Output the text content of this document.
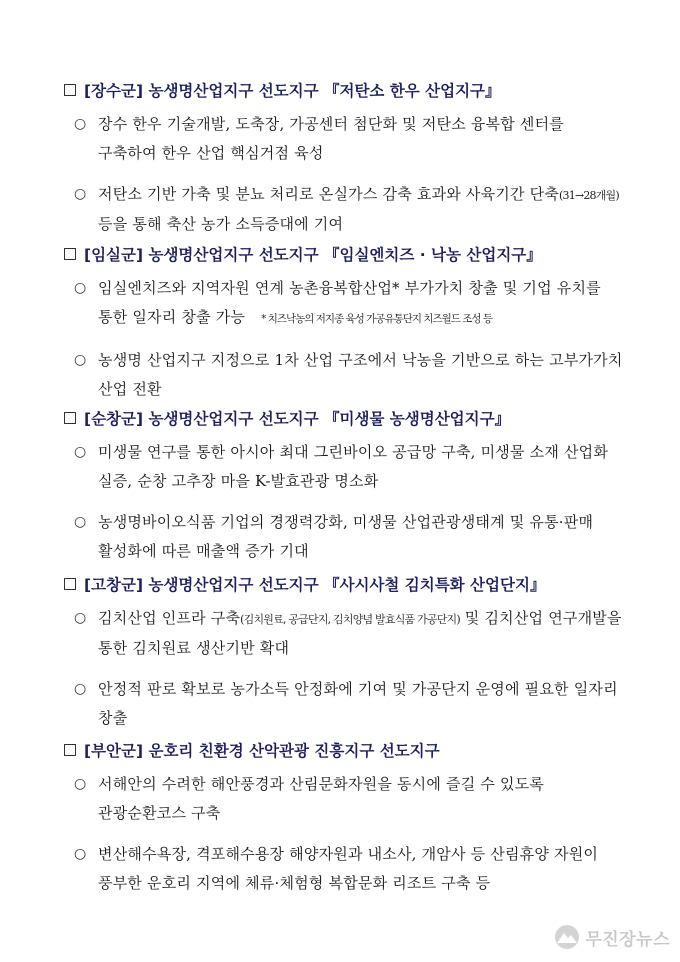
[장수군] 농생명산업지구 선도지구 『저탄소 한우 산업지구』
○ 장수 한우 기술개발, 도축장, 가공센터 첨단화 및 저탄소 융복합 센터를 구축하여 한우 산업 핵심거점 육성
○ 저탄소 기반 가축 및 분뇨 처리로 온실가스 감축 효과와 사육기간 단축(31→28개월) 등을 통해 축산 농가 소득증대에 기여
[임실군] 농생명산업지구 선도지구 『임실엔치즈 · 낙농 산업지구』
○ 임실엔치즈와 지역자원 연계 농촌융복합산업* 부가가치 창출 및 기업 유치를 통한 일자리 창출 가능 * 치즈낙농의 저지종 육성 가공유통단지 치즈월드 조성 등
○ 농생명 산업지구 지정으로 1차 산업 구조에서 낙농을 기반으로 하는 고부가가치 산업 전환
[순창군] 농생명산업지구 선도지구 『미생물 농생명산업지구』
○ 미생물 연구를 통한 아시아 최대 그린바이오 공급망 구축, 미생물 소재 산업화 실증, 순창 고추장 마을 K-발효관광 명소화
○ 농생명바이오식품 기업의 경쟁력강화, 미생물 산업관광생태계 및 유통·판매 활성화에 따른 매출액 증가 기대
[고창군] 농생명산업지구 선도지구 『사시사철 김치특화 산업단지』
○ 김치산업 인프라 구축(김치원료, 공급단지, 김치양념 발효식품 가공단지) 및 김치산업 연구개발을 통한 김치원료 생산기반 확대
○ 안정적 판로 확보로 농가소득 안정화에 기여 및 가공단지 운영에 필요한 일자리 창출
[부안군] 운호리 친환경 산악관광 진흥지구 선도지구
○ 서해안의 수려한 해안풍경과 산림문화자원을 동시에 즐길 수 있도록 관광순환코스 구축
○ 변산해수욕장, 격포해수용장 해양자원과 내소사, 개암사 등 산림휴양 자원이 풍부한 운호리 지역에 체류·체험형 복합문화 리조트 구축 등
무진장뉴스
